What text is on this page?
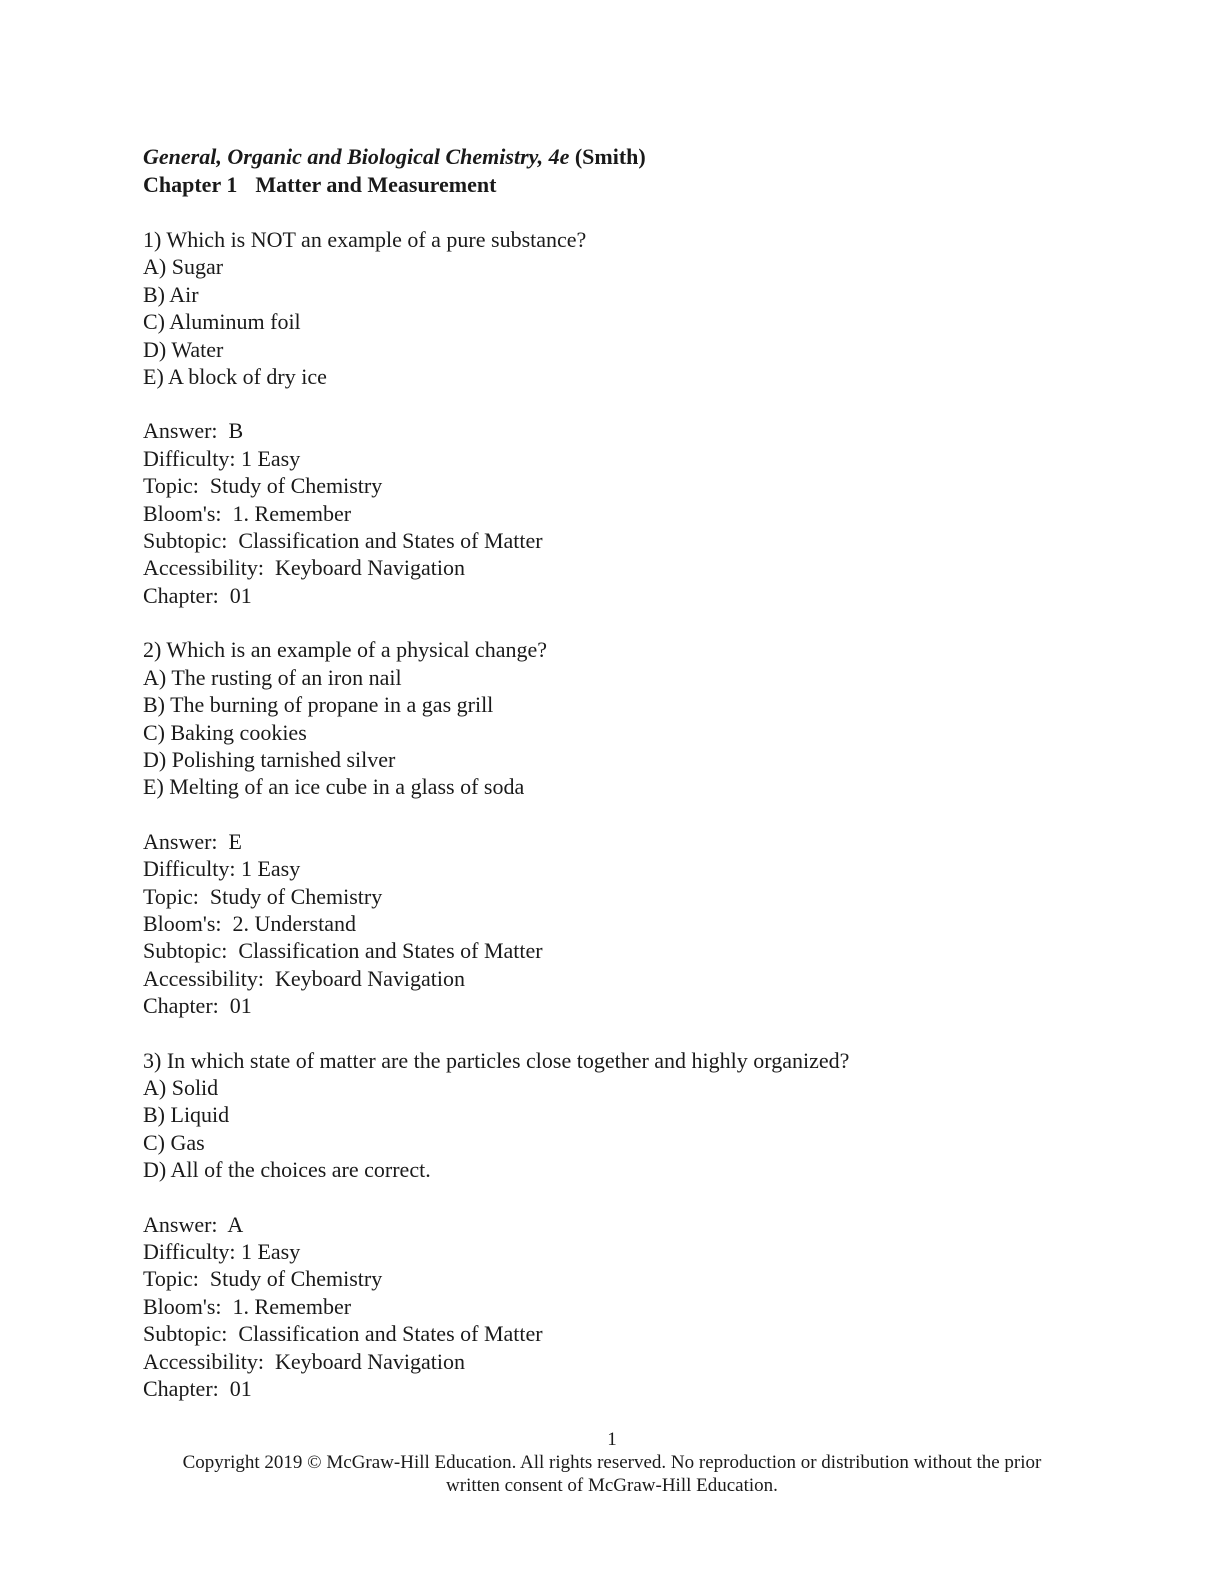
General, Organic and Biological Chemistry, 4e (Smith)

Chapter 1 Matter and Measurement

1) Which is NOT an example of a pure substance?

A) Sugar

B) Air

C) Aluminum foil

D) Water

E) A block of dry ice

Answer:  B

Difficulty: 1 Easy

Topic:  Study of Chemistry

Bloom's:  1. Remember

Subtopic:  Classification and States of Matter

Accessibility:  Keyboard Navigation

Chapter:  01

2) Which is an example of a physical change?

A) The rusting of an iron nail

B) The burning of propane in a gas grill

C) Baking cookies

D) Polishing tarnished silver

E) Melting of an ice cube in a glass of soda

Answer:  E

Difficulty: 1 Easy

Topic:  Study of Chemistry

Bloom's:  2. Understand

Subtopic:  Classification and States of Matter

Accessibility:  Keyboard Navigation

Chapter:  01

3) In which state of matter are the particles close together and highly organized?

A) Solid

B) Liquid

C) Gas

D) All of the choices are correct.

Answer:  A

Difficulty: 1 Easy

Topic:  Study of Chemistry

Bloom's:  1. Remember

Subtopic:  Classification and States of Matter

Accessibility:  Keyboard Navigation

Chapter:  01

1
Copyright 2019 © McGraw-Hill Education. All rights reserved. No reproduction or distribution without the prior
written consent of McGraw-Hill Education.
